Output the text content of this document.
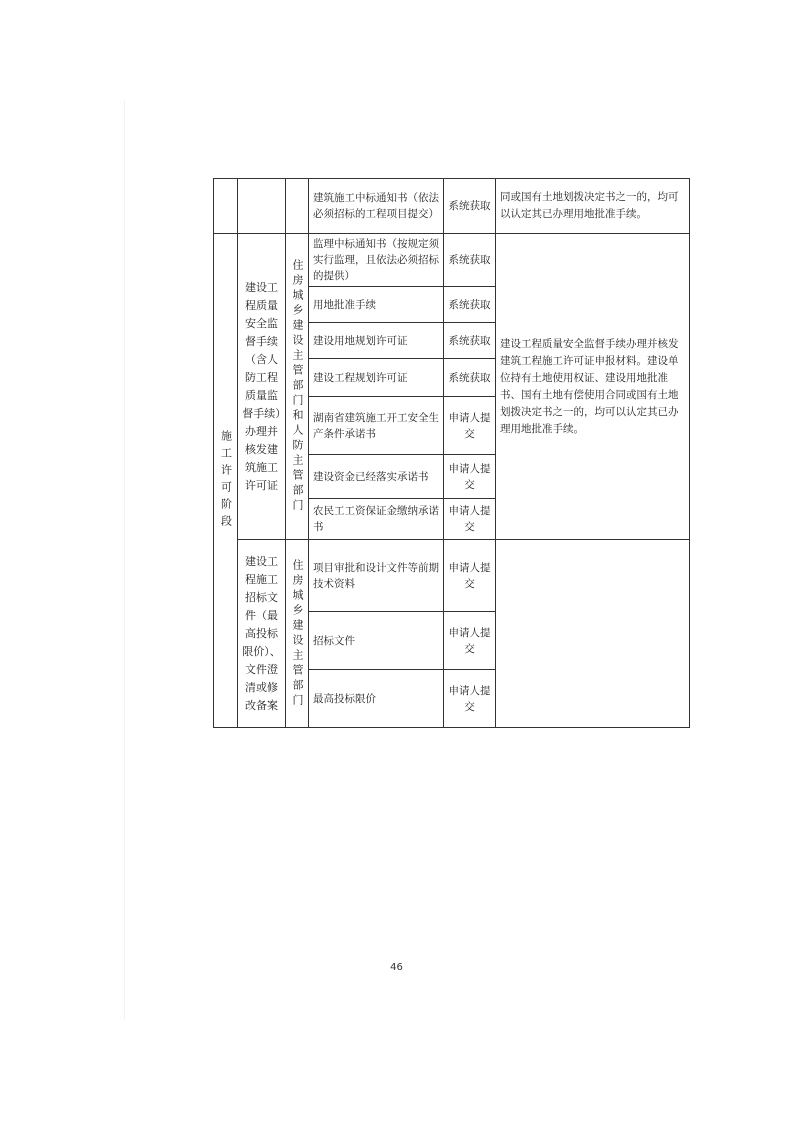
			建筑施工中标通知书（依法必须招标的工程项目提交）	系统获取	同或国有土地划拨决定书之一的，均可以认定其已办理用地批准手续。
施工许可阶段	建设工程质量安全监督手续（含人防工程质量监督手续）办理并核发建筑施工许可证	住房城乡建设主管部门和人防主管部门	监理中标通知书（按规定须实行监理，且依法必须招标的提供）	系统获取	建设工程质量安全监督手续办理并核发建筑工程施工许可证申报材料。建设单位持有土地使用权证、建设用地批准书、国有土地有偿使用合同或国有土地划拨决定书之一的，均可以认定其已办理用地批准手续。
			用地批准手续	系统获取	
			建设用地规划许可证	系统获取	
			建设工程规划许可证	系统获取	
			湖南省建筑施工开工安全生产条件承诺书	申请人提交	
			建设资金已经落实承诺书	申请人提交	
			农民工工资保证金缴纳承诺书	申请人提交	
	建设工程施工招标文件（最高投标限价）、文件澄清或修改备案	住房城乡建设主管部门	项目审批和设计文件等前期技术资料	申请人提交	
			招标文件	申请人提交	
			最高投标限价	申请人提交	
46
